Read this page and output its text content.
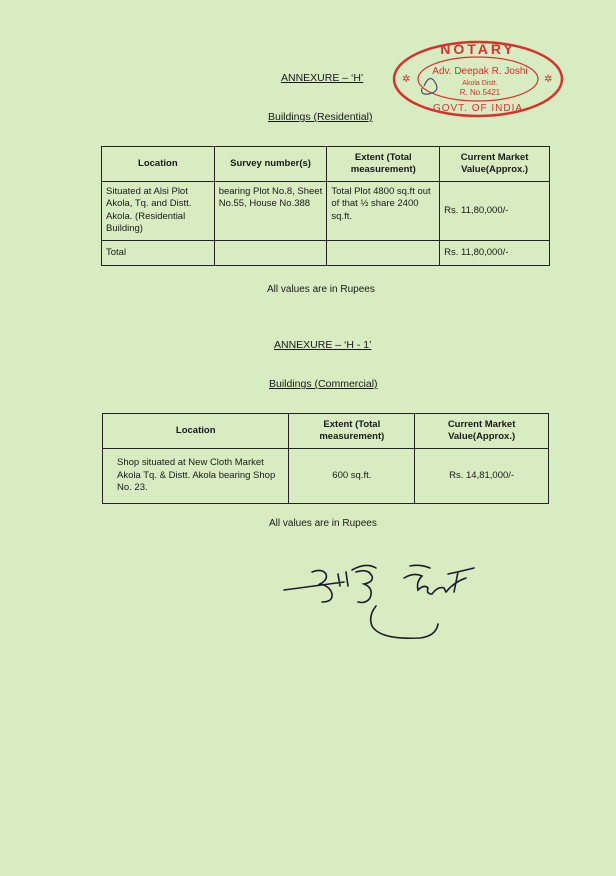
NOTARY
Adv. Deepak R. Joshi
Akola Distt.
R. No.5421
GOVT. OF INDIA
✲	✲
ANNEXURE – ‘H’
Buildings (Residential)
Location	Survey number(s)	Extent (Total measurement)	Current Market Value(Approx.)
Situated at Alsi Plot Akola, Tq. and Distt. Akola. (Residential Building)	bearing Plot No.8, Sheet No.55, House No.388	Total Plot 4800 sq.ft out of that ½ share 2400 sq.ft.	Rs. 11,80,000/-
Total			Rs. 11,80,000/-
All values are in Rupees
ANNEXURE – ‘H - 1’
Buildings (Commercial)
Location	Extent (Total measurement)	Current Market Value(Approx.)
Shop situated at New Cloth Market Akola Tq. & Distt. Akola bearing Shop No. 23.	600 sq.ft.	Rs. 14,81,000/-
All values are in Rupees
